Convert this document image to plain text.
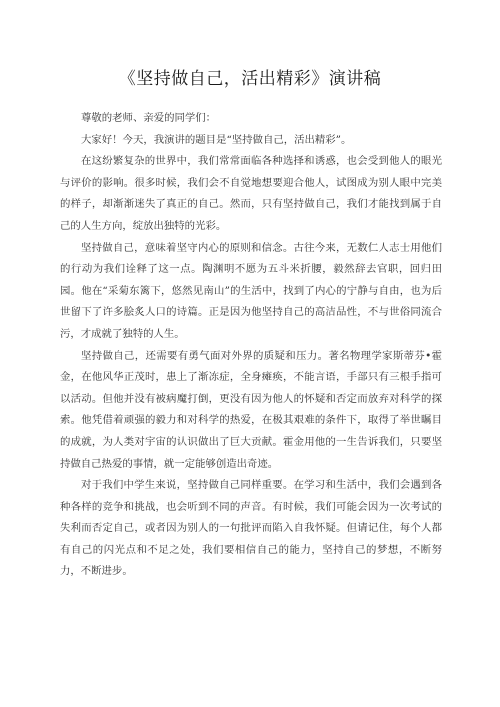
《坚持做自己，活出精彩》演讲稿

尊敬的老师、亲爱的同学们：

大家好！今天，我演讲的题目是“坚持做自己，活出精彩”。

在这纷繁复杂的世界中，我们常常面临各种选择和诱惑，也会受到他人的眼光与评价的影响。很多时候，我们会不自觉地想要迎合他人，试图成为别人眼中完美的样子，却渐渐迷失了真正的自己。然而，只有坚持做自己，我们才能找到属于自己的人生方向，绽放出独特的光彩。

坚持做自己，意味着坚守内心的原则和信念。古往今来，无数仁人志士用他们的行动为我们诠释了这一点。陶渊明不愿为五斗米折腰，毅然辞去官职，回归田园。他在“采菊东篱下，悠然见南山”的生活中，找到了内心的宁静与自由，也为后世留下了许多脍炙人口的诗篇。正是因为他坚持自己的高洁品性，不与世俗同流合污，才成就了独特的人生。

坚持做自己，还需要有勇气面对外界的质疑和压力。著名物理学家斯蒂芬•霍金，在他风华正茂时，患上了渐冻症，全身瘫痪，不能言语，手部只有三根手指可以活动。但他并没有被病魔打倒，更没有因为他人的怀疑和否定而放弃对科学的探索。他凭借着顽强的毅力和对科学的热爱，在极其艰难的条件下，取得了举世瞩目的成就，为人类对宇宙的认识做出了巨大贡献。霍金用他的一生告诉我们，只要坚持做自己热爱的事情，就一定能够创造出奇迹。

对于我们中学生来说，坚持做自己同样重要。在学习和生活中，我们会遇到各种各样的竞争和挑战，也会听到不同的声音。有时候，我们可能会因为一次考试的失利而否定自己，或者因为别人的一句批评而陷入自我怀疑。但请记住，每个人都有自己的闪光点和不足之处，我们要相信自己的能力，坚持自己的梦想，不断努力，不断进步。
